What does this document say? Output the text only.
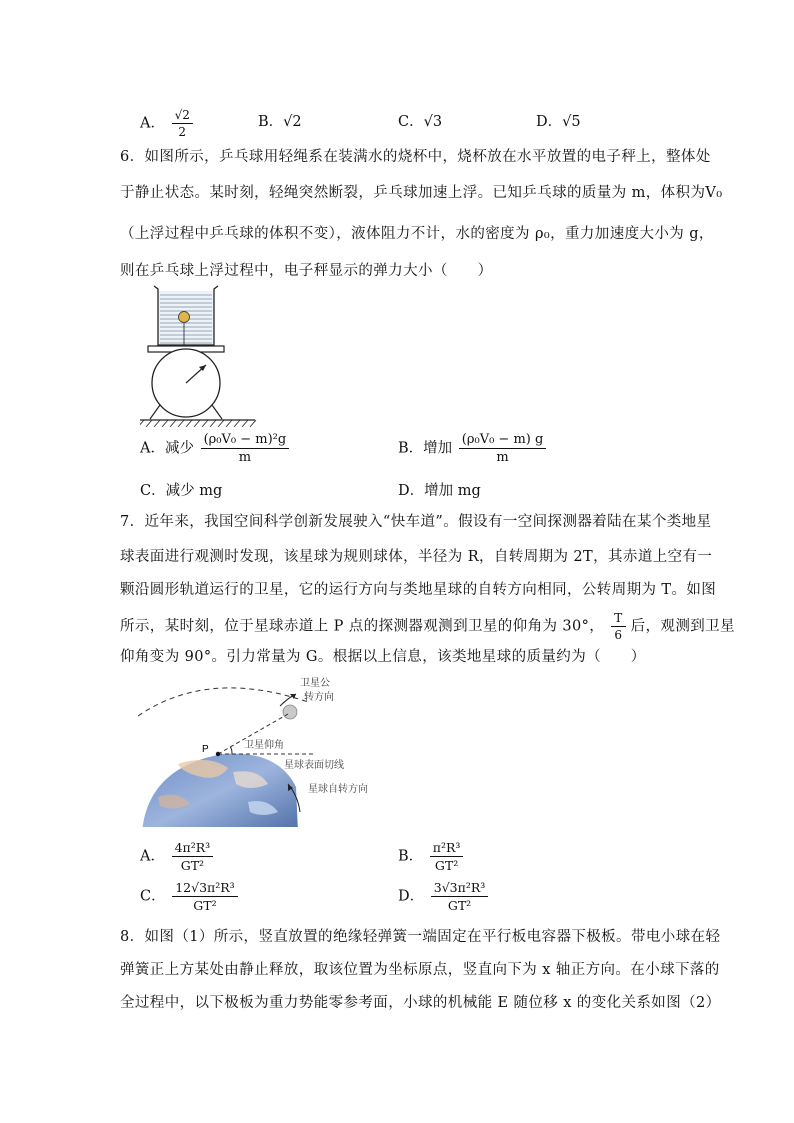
A． $\frac{√2}{2}$	B．√2	C．√3	D．√5
6．如图所示，乒乓球用轻绳系在装满水的烧杯中，烧杯放在水平放置的电子秤上，整体处
于静止状态。某时刻，轻绳突然断裂，乒乓球加速上浮。已知乒乓球的质量为 m，体积为V₀
（上浮过程中乒乓球的体积不变），液体阻力不计，水的密度为 ρ₀，重力加速度大小为 g，
则在乒乓球上浮过程中，电子秤显示的弹力大小（　　）
A．减少 $\frac{\text{(ρ₀V₀ − m)²g}}{m}$	B．增加 $\frac{\text{(ρ₀V₀ − m) g}}{m}$
C．减少 mg	D．增加 mg
7．近年来，我国空间科学创新发展驶入“快车道”。假设有一空间探测器着陆在某个类地星
球表面进行观测时发现，该星球为规则球体，半径为 R，自转周期为 2T，其赤道上空有一
颗沿圆形轨道运行的卫星，它的运行方向与类地星球的自转方向相同，公转周期为 T。如图
所示，某时刻，位于星球赤道上 P 点的探测器观测到卫星的仰角为 30°， $\frac{T}{6}$ 后，观测到卫星
仰角变为 90°。引力常量为 G。根据以上信息，该类地星球的质量约为（　　）
P
卫星公
转方向
卫星仰角
星球表面切线
星球自转方向
A． $\frac{\text{4π²R³}}{\text{GT²}}$	B． $\frac{\text{π²R³}}{\text{GT²}}$
C． $\frac{\text{12√3π²R³}}{\text{GT²}}$	D． $\frac{\text{3√3π²R³}}{\text{GT²}}$
8．如图（1）所示，竖直放置的绝缘轻弹簧一端固定在平行板电容器下极板。带电小球在轻
弹簧正上方某处由静止释放，取该位置为坐标原点，竖直向下为 x 轴正方向。在小球下落的
全过程中，以下极板为重力势能零参考面，小球的机械能 E 随位移 x 的变化关系如图（2）
